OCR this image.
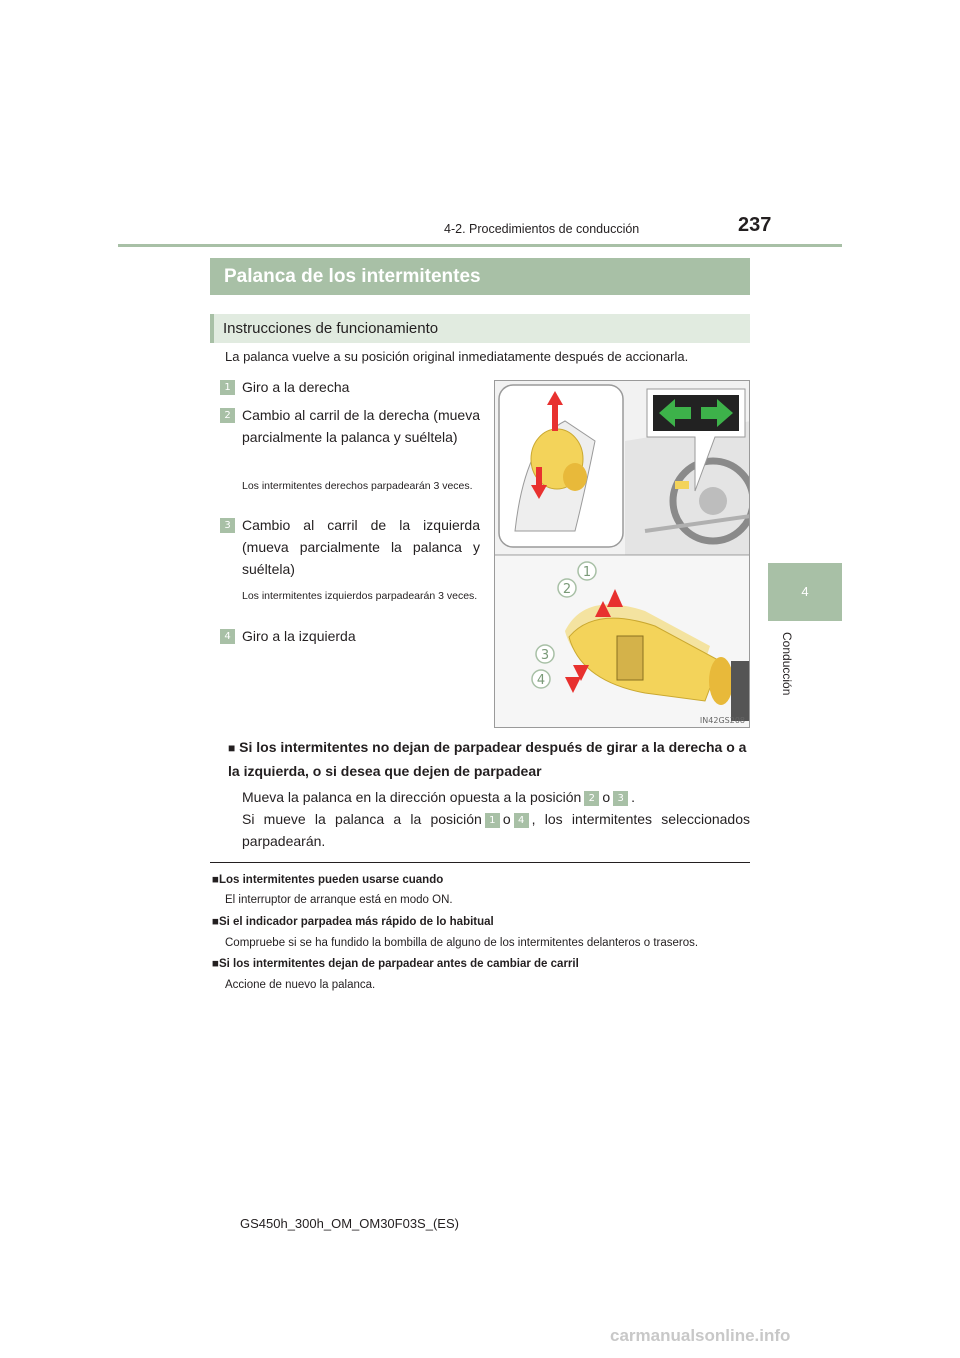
237
4-2. Procedimientos de conducción
4
Conducción
Palanca de los intermitentes
Instrucciones de funcionamiento
La palanca vuelve a su posición original inmediatamente después de accionarla.
1 Giro a la derecha
2 Cambio al carril de la derecha (mueva parcialmente la palanca y suéltela)
Los intermitentes derechos parpadearán 3 veces.
3 Cambio al carril de la izquierda (mueva parcialmente la palanca y suéltela)
Los intermitentes izquierdos parpadearán 3 veces.
4 Giro a la izquierda
1
2
3
4
IN42GS208
■ Si los intermitentes no dejan de parpadear después de girar a la derecha o a la izquierda, o si desea que dejen de parpadear
Mueva la palanca en la dirección opuesta a la posición 2 o 3 .
Si mueve la palanca a la posición 1 o 4 , los intermitentes seleccionados parpadearán.
■Los intermitentes pueden usarse cuando
El interruptor de arranque está en modo ON.
■Si el indicador parpadea más rápido de lo habitual
Compruebe si se ha fundido la bombilla de alguno de los intermitentes delanteros o traseros.
■Si los intermitentes dejan de parpadear antes de cambiar de carril
Accione de nuevo la palanca.
GS450h_300h_OM_OM30F03S_(ES)
carmanualsonline.info
